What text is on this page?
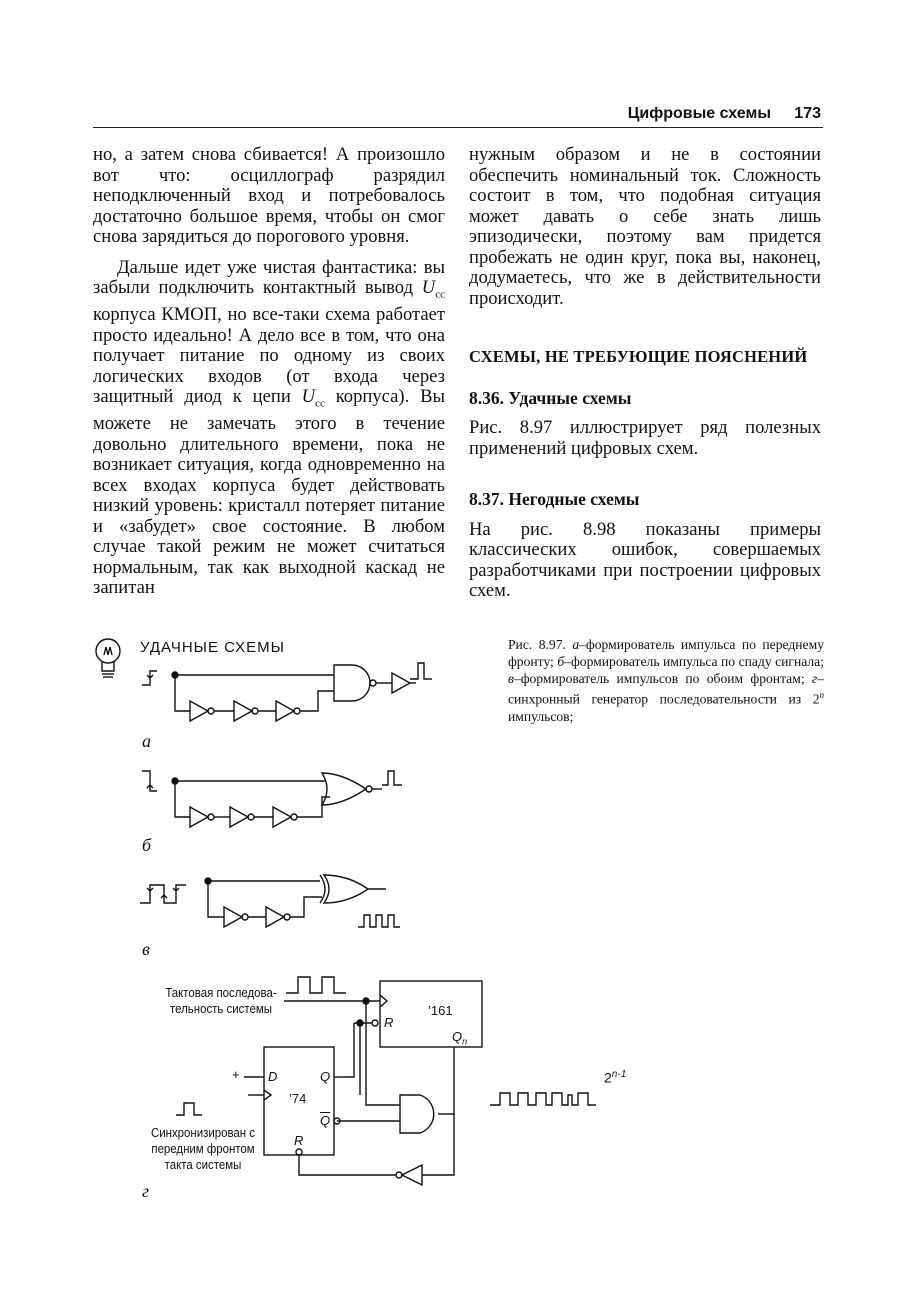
Цифровые схемы 173

но, а затем снова сбивается! А произошло вот что: осциллограф разрядил неподключенный вход и потребовалось достаточно большое время, чтобы он смог снова зарядиться до порогового уровня.

Дальше идет уже чистая фантастика: вы забыли подключить контактный вывод $U_{cc}$ корпуса КМОП, но все-таки схема работает просто идеально! А дело все в том, что она получает питание по одному из своих логических входов (от входа через защитный диод к цепи $U_{cc}$ корпуса). Вы можете не замечать этого в течение довольно длительного времени, пока не возникает ситуация, когда одновременно на всех входах корпуса будет действовать низкий уровень: кристалл потеряет питание и «забудет» свое состояние. В любом случае такой режим не может считаться нормальным, так как выходной каскад не запитан

нужным образом и не в состоянии обеспечить номинальный ток. Сложность состоит в том, что подобная ситуация может давать о себе знать лишь эпизодически, поэтому вам придется пробежать не один круг, пока вы, наконец, додумаетесь, что же в действительности происходит.

СХЕМЫ, НЕ ТРЕБУЮЩИЕ ПОЯСНЕНИЙ
8.36. Удачные схемы

Рис. 8.97 иллюстрирует ряд полезных применений цифровых схем.

8.37. Негодные схемы

На рис. 8.98 показаны примеры классических ошибок, совершаемых разработчиками при построении цифровых схем.

Рис. 8.97. а–формирователь импульса по переднему фронту; б–формирователь импульса по спаду сигнала; в–формирователь импульсов по обоим фронтам; г–синхронный генератор последовательности из 2$^n$ импульсов;

УДАЧНЫЕ СХЕМЫ
а
б
в
г
Тактовая последова-
тельность системы
Синхронизирован с
передним фронтом
такта системы
’161
R
$Q_n$
’74
D	Q
$\overline{Q}$
R
+	$2^{n-1}$
